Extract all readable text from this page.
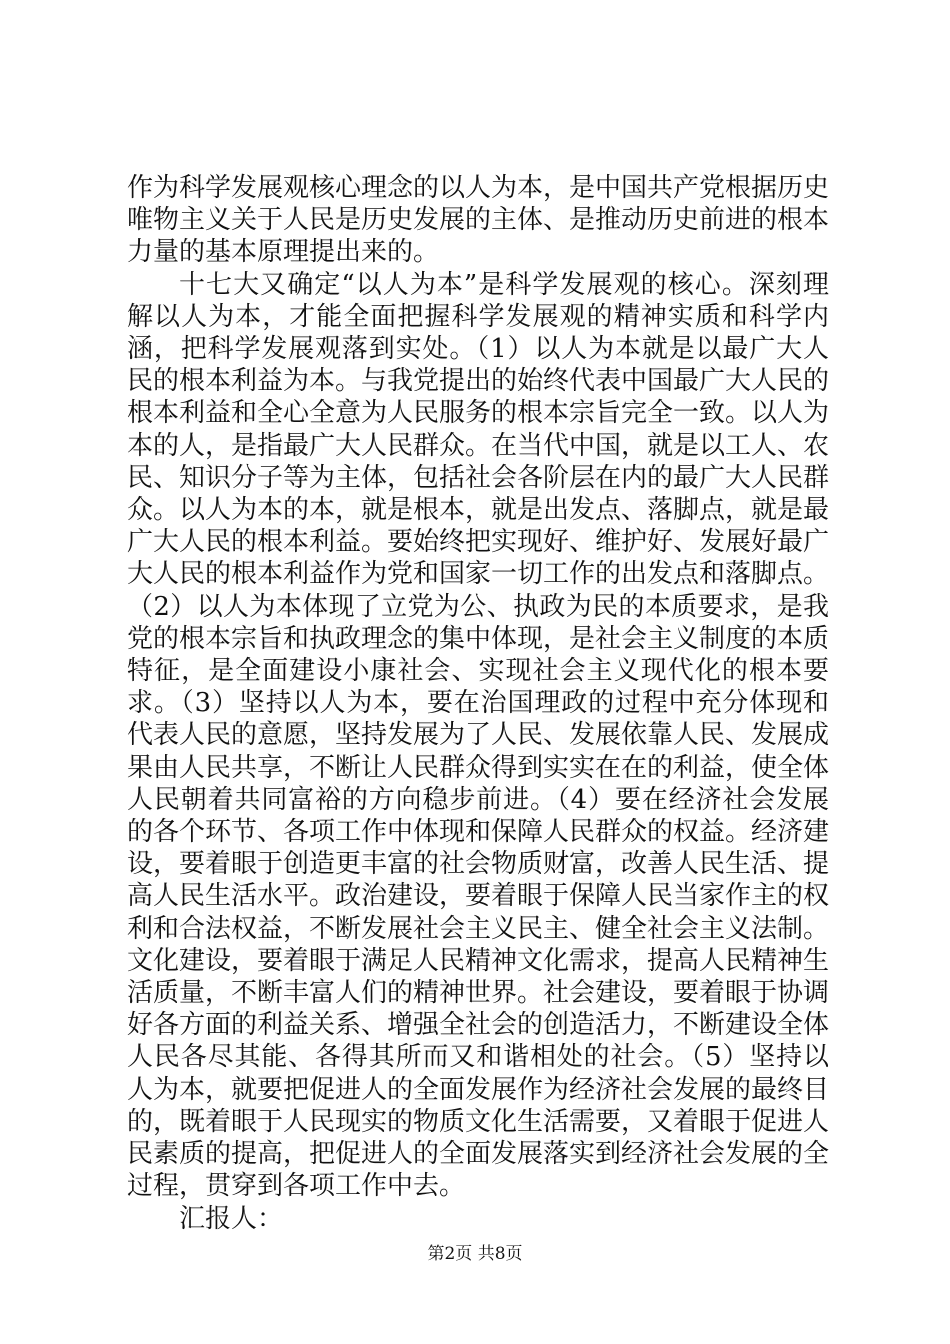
作为科学发展观核心理念的以人为本，是中国共产党根据历史唯物主义关于人民是历史发展的主体、是推动历史前进的根本力量的基本原理提出来的。

十七大又确定“以人为本”是科学发展观的核心。深刻理解以人为本，才能全面把握科学发展观的精神实质和科学内涵，把科学发展观落到实处。（1）以人为本就是以最广大人民的根本利益为本。与我党提出的始终代表中国最广大人民的根本利益和全心全意为人民服务的根本宗旨完全一致。以人为本的人，是指最广大人民群众。在当代中国，就是以工人、农民、知识分子等为主体，包括社会各阶层在内的最广大人民群众。以人为本的本，就是根本，就是出发点、落脚点，就是最广大人民的根本利益。要始终把实现好、维护好、发展好最广大人民的根本利益作为党和国家一切工作的出发点和落脚点。（2）以人为本体现了立党为公、执政为民的本质要求，是我党的根本宗旨和执政理念的集中体现，是社会主义制度的本质特征，是全面建设小康社会、实现社会主义现代化的根本要求。（3）坚持以人为本，要在治国理政的过程中充分体现和代表人民的意愿，坚持发展为了人民、发展依靠人民、发展成果由人民共享，不断让人民群众得到实实在在的利益，使全体人民朝着共同富裕的方向稳步前进。（4）要在经济社会发展的各个环节、各项工作中体现和保障人民群众的权益。经济建设，要着眼于创造更丰富的社会物质财富，改善人民生活、提高人民生活水平。政治建设，要着眼于保障人民当家作主的权利和合法权益，不断发展社会主义民主、健全社会主义法制。文化建设，要着眼于满足人民精神文化需求，提高人民精神生活质量，不断丰富人们的精神世界。社会建设，要着眼于协调好各方面的利益关系、增强全社会的创造活力，不断建设全体人民各尽其能、各得其所而又和谐相处的社会。（5）坚持以人为本，就要把促进人的全面发展作为经济社会发展的最终目的，既着眼于人民现实的物质文化生活需要，又着眼于促进人民素质的提高，把促进人的全面发展落实到经济社会发展的全过程，贯穿到各项工作中去。

汇报人：

第2页 共8页
